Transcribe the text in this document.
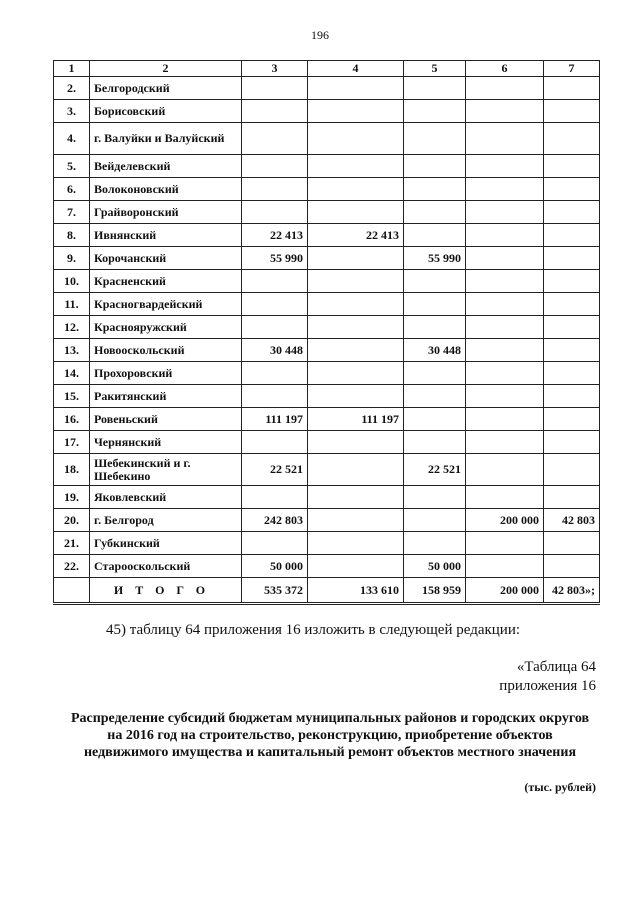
196
1	2	3	4	5	6	7
2.	Белгородский					
3.	Борисовский					
4.	г. Валуйки и Валуйский					
5.	Вейделевский					
6.	Волоконовский					
7.	Грайворонский					
8.	Ивнянский	22 413	22 413			
9.	Корочанский	55 990		55 990		
10.	Красненский					
11.	Красногвардейский					
12.	Краснояружский					
13.	Новооскольский	30 448		30 448		
14.	Прохоровский					
15.	Ракитянский					
16.	Ровеньский	111 197	111 197			
17.	Чернянский					
18.	Шебекинский и г. Шебекино	22 521		22 521		
19.	Яковлевский					
20.	г. Белгород	242 803			200 000	42 803
21.	Губкинский					
22.	Старооскольский	50 000		50 000		
	ИТОГО	535 372	133 610	158 959	200 000	42 803»;
45) таблицу 64 приложения 16 изложить в следующей редакции:
«Таблица 64
приложения 16
Распределение субсидий бюджетам муниципальных районов и городских округов на 2016 год на строительство, реконструкцию, приобретение объектов недвижимого имущества и капитальный ремонт объектов местного значения
(тыс. рублей)
